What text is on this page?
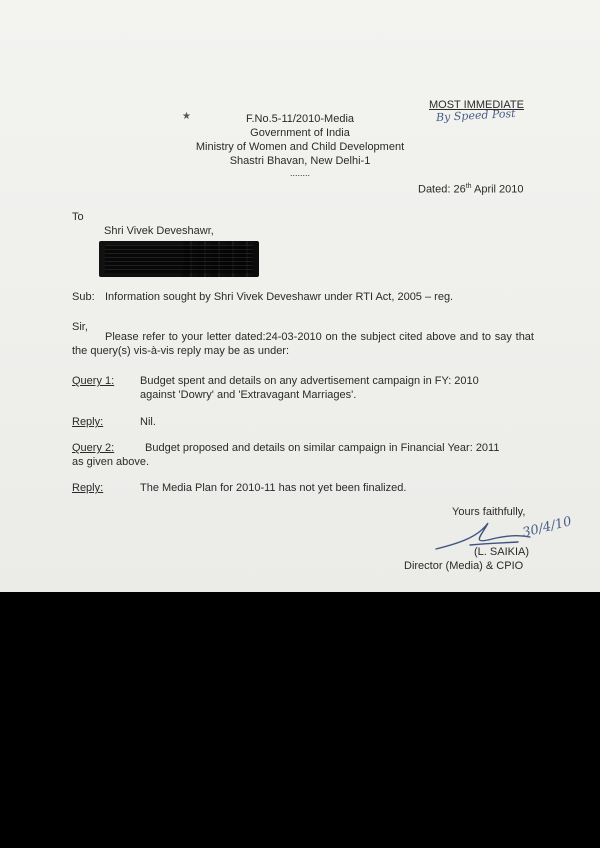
★
MOST IMMEDIATE
By Speed Post
F.No.5-11/2010-Media
Government of India
Ministry of Women and Child Development
Shastri Bhavan, New Delhi-1
........
Dated: 26th April 2010
To
Shri Vivek Deveshawr,
Sub: Information sought by Shri Vivek Deveshawr under RTI Act, 2005 – reg.
Sir,
Please refer to your letter dated:24-03-2010 on the subject cited above and to say that the query(s) vis-à-vis reply may be as under:
Query 1: Budget spent and details on any advertisement campaign in FY: 2010
against 'Dowry' and 'Extravagant Marriages'.
Reply:	Nil.
Query 2:	Budget proposed and details on similar campaign in Financial Year: 2011
as given above.
Reply:	The Media Plan for 2010-11 has not yet been finalized.
Yours faithfully,
30/4/10
(L. SAIKIA)
Director (Media) & CPIO
